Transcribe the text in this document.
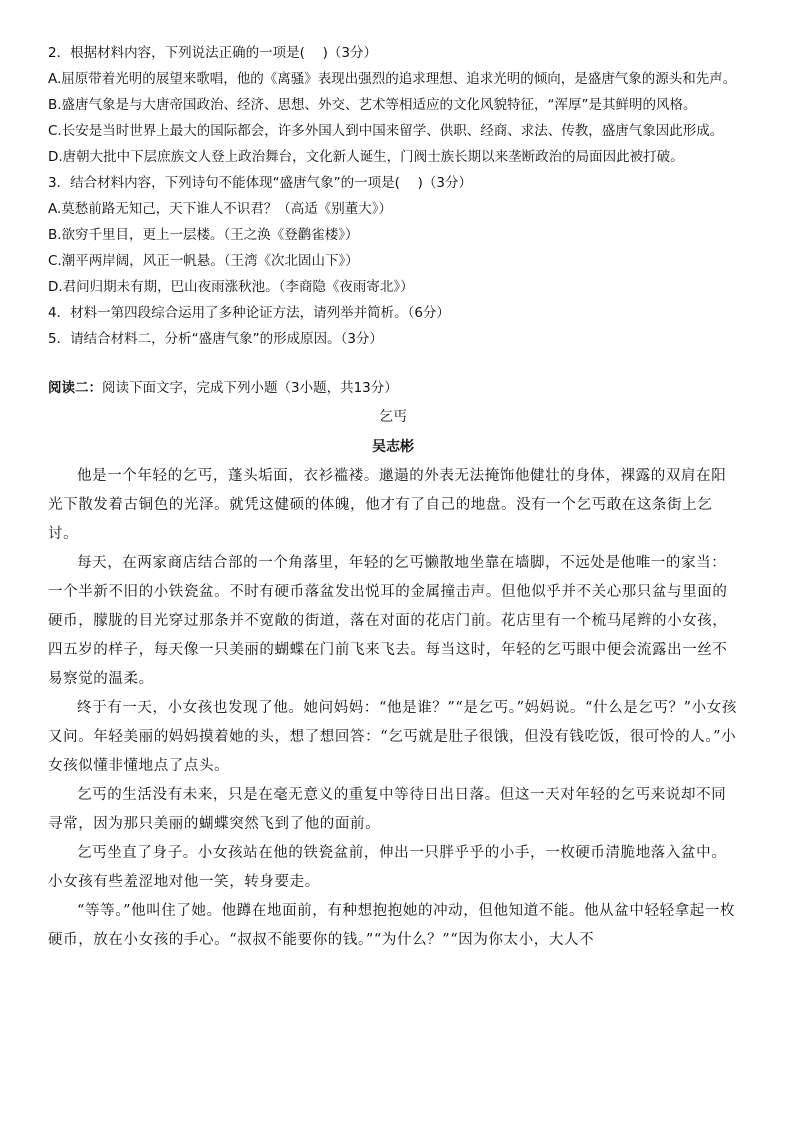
2．根据材料内容，下列说法正确的一项是(　 )（3分）

A.屈原带着光明的展望来歌唱，他的《离骚》表现出强烈的追求理想、追求光明的倾向，是盛唐气象的源头和先声。

B.盛唐气象是与大唐帝国政治、经济、思想、外交、艺术等相适应的文化风貌特征，“浑厚”是其鲜明的风格。

C.长安是当时世界上最大的国际都会，许多外国人到中国来留学、供职、经商、求法、传教，盛唐气象因此形成。

D.唐朝大批中下层庶族文人登上政治舞台，文化新人诞生，门阀士族长期以来垄断政治的局面因此被打破。

3．结合材料内容，下列诗句不能体现“盛唐气象”的一项是(　 )（3分）

A.莫愁前路无知己，天下谁人不识君？（高适《别董大》）

B.欲穷千里目，更上一层楼。（王之涣《登鹳雀楼》）

C.潮平两岸阔，风正一帆悬。（王湾《次北固山下》）

D.君问归期未有期，巴山夜雨涨秋池。（李商隐《夜雨寄北》）

4．材料一第四段综合运用了多种论证方法，请列举并简析。（6分）

5．请结合材料二，分析“盛唐气象”的形成原因。（3分）

阅读二：阅读下面文字，完成下列小题（3小题，共13分）

乞丐

吴志彬

他是一个年轻的乞丐，蓬头垢面，衣衫褴褛。邋遢的外表无法掩饰他健壮的身体，裸露的双肩在阳光下散发着古铜色的光泽。就凭这健硕的体魄，他才有了自己的地盘。没有一个乞丐敢在这条街上乞讨。

每天，在两家商店结合部的一个角落里，年轻的乞丐懒散地坐靠在墙脚，不远处是他唯一的家当：一个半新不旧的小铁瓷盆。不时有硬币落盆发出悦耳的金属撞击声。但他似乎并不关心那只盆与里面的硬币，朦胧的目光穿过那条并不宽敞的街道，落在对面的花店门前。花店里有一个梳马尾辫的小女孩，四五岁的样子，每天像一只美丽的蝴蝶在门前飞来飞去。每当这时，年轻的乞丐眼中便会流露出一丝不易察觉的温柔。

终于有一天，小女孩也发现了他。她问妈妈：“他是谁？”“是乞丐。”妈妈说。“什么是乞丐？”小女孩又问。年轻美丽的妈妈摸着她的头，想了想回答：“乞丐就是肚子很饿，但没有钱吃饭，很可怜的人。”小女孩似懂非懂地点了点头。

乞丐的生活没有未来，只是在毫无意义的重复中等待日出日落。但这一天对年轻的乞丐来说却不同寻常，因为那只美丽的蝴蝶突然飞到了他的面前。

乞丐坐直了身子。小女孩站在他的铁瓷盆前，伸出一只胖乎乎的小手，一枚硬币清脆地落入盆中。小女孩有些羞涩地对他一笑，转身要走。

“等等。”他叫住了她。他蹲在地面前，有种想抱抱她的冲动，但他知道不能。他从盆中轻轻拿起一枚硬币，放在小女孩的手心。“叔叔不能要你的钱。”“为什么？”“因为你太小，大人不
